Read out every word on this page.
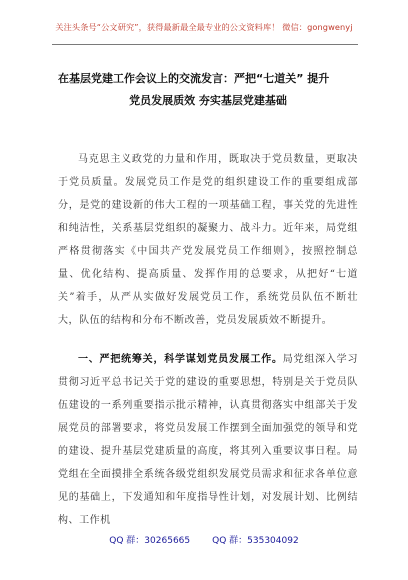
关注头条号“公文研究”，获得最新最全最专业的公文资料库！ 微信：gongwenyj
在基层党建工作会议上的交流发言：严把“七道关” 提升
党员发展质效 夯实基层党建基础

马克思主义政党的力量和作用，既取决于党员数量，更取决于党员质量。发展党员工作是党的组织建设工作的重要组成部分，是党的建设新的伟大工程的一项基础工程，事关党的先进性和纯洁性，关系基层党组织的凝聚力、战斗力。近年来，局党组严格贯彻落实《中国共产党发展党员工作细则》，按照控制总量、优化结构、提高质量、发挥作用的总要求，从把好“七道关”着手，从严从实做好发展党员工作，系统党员队伍不断壮大，队伍的结构和分布不断改善，党员发展质效不断提升。

一、严把统筹关，科学谋划党员发展工作。局党组深入学习贯彻习近平总书记关于党的建设的重要思想，特别是关于党员队伍建设的一系列重要指示批示精神，认真贯彻落实中组部关于发展党员的部署要求，将党员发展工作摆到全面加强党的领导和党的建设、提升基层党建质量的高度，将其列入重要议事日程。局党组在全面摸排全系统各级党组织发展党员需求和征求各单位意见的基础上，下发通知和年度指导性计划，对发展计划、比例结构、工作机

QQ 群：30265665 QQ 群：535304092
